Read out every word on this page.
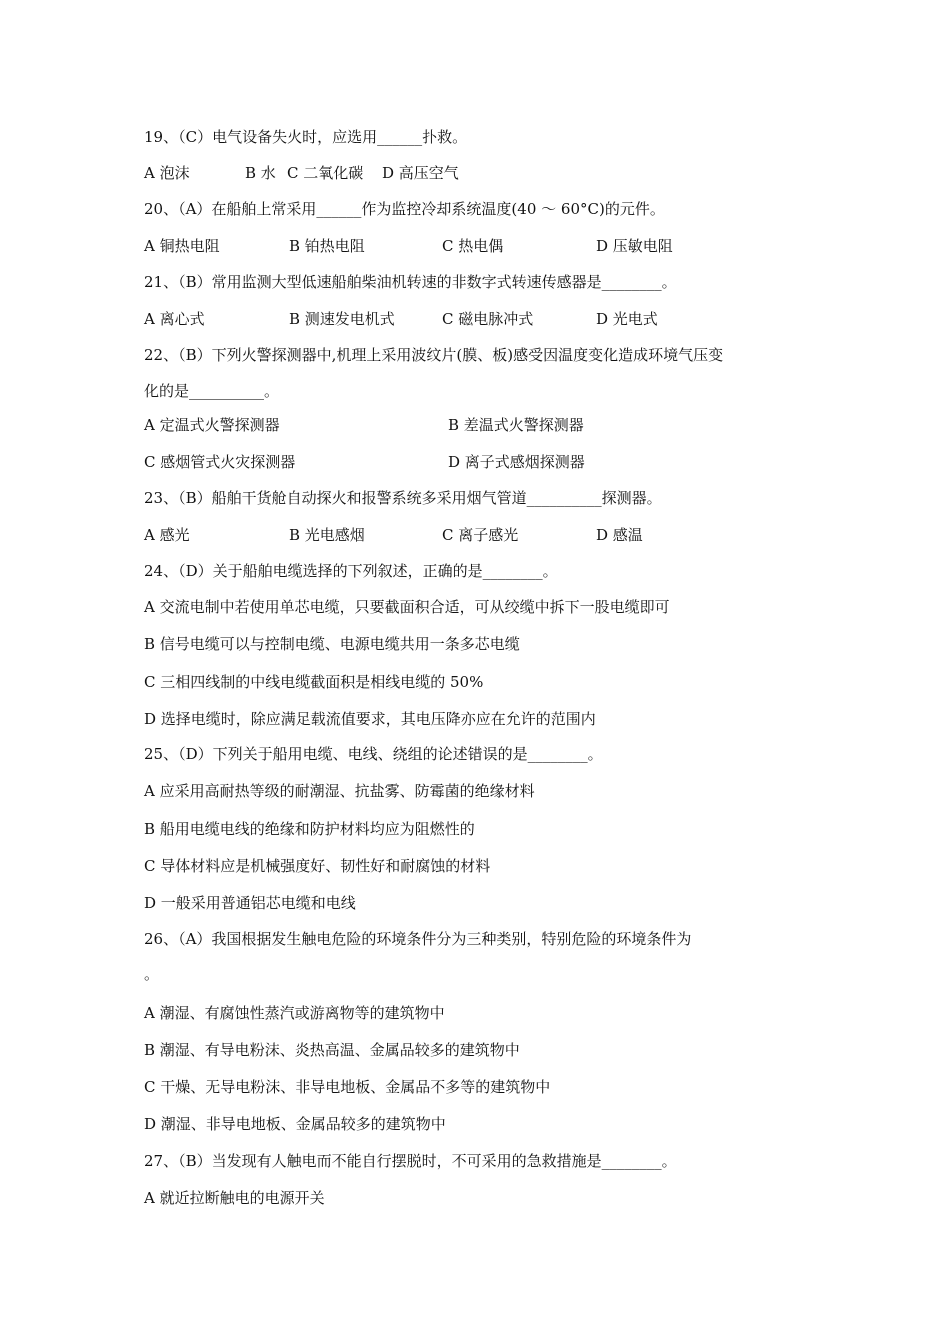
19、（C）电气设备失火时，应选用______扑救。
A 泡沫	B 水 C 二氧化碳 D 高压空气
20、（A）在船舶上常采用______作为监控冷却系统温度(40 ～ 60°C)的元件。
A 铜热电阻	B 铂热电阻	C 热电偶	D 压敏电阻
21、（B）常用监测大型低速船舶柴油机转速的非数字式转速传感器是________。
A 离心式	B 测速发电机式	C 磁电脉冲式	D 光电式
22、（B）下列火警探测器中,机理上采用波纹片(膜、板)感受因温度变化造成环境气压变
化的是__________。
A 定温式火警探测器	B 差温式火警探测器
C 感烟管式火灾探测器	D 离子式感烟探测器
23、（B）船舶干货舱自动探火和报警系统多采用烟气管道__________探测器。
A 感光	B 光电感烟	C 离子感光	D 感温
24、（D）关于船舶电缆选择的下列叙述，正确的是________。
A 交流电制中若使用单芯电缆，只要截面积合适，可从绞缆中拆下一股电缆即可
B 信号电缆可以与控制电缆、电源电缆共用一条多芯电缆
C 三相四线制的中线电缆截面积是相线电缆的 50%
D 选择电缆时，除应满足载流值要求，其电压降亦应在允许的范围内
25、（D）下列关于船用电缆、电线、绕组的论述错误的是________。
A 应采用高耐热等级的耐潮湿、抗盐雾、防霉菌的绝缘材料
B 船用电缆电线的绝缘和防护材料均应为阻燃性的
C 导体材料应是机械强度好、韧性好和耐腐蚀的材料
D 一般采用普通铝芯电缆和电线
26、（A）我国根据发生触电危险的环境条件分为三种类别，特别危险的环境条件为
。
A 潮湿、有腐蚀性蒸汽或游离物等的建筑物中
B 潮湿、有导电粉沫、炎热高温、金属品较多的建筑物中
C 干燥、无导电粉沫、非导电地板、金属品不多等的建筑物中
D 潮湿、非导电地板、金属品较多的建筑物中
27、（B）当发现有人触电而不能自行摆脱时，不可采用的急救措施是________。
A 就近拉断触电的电源开关
